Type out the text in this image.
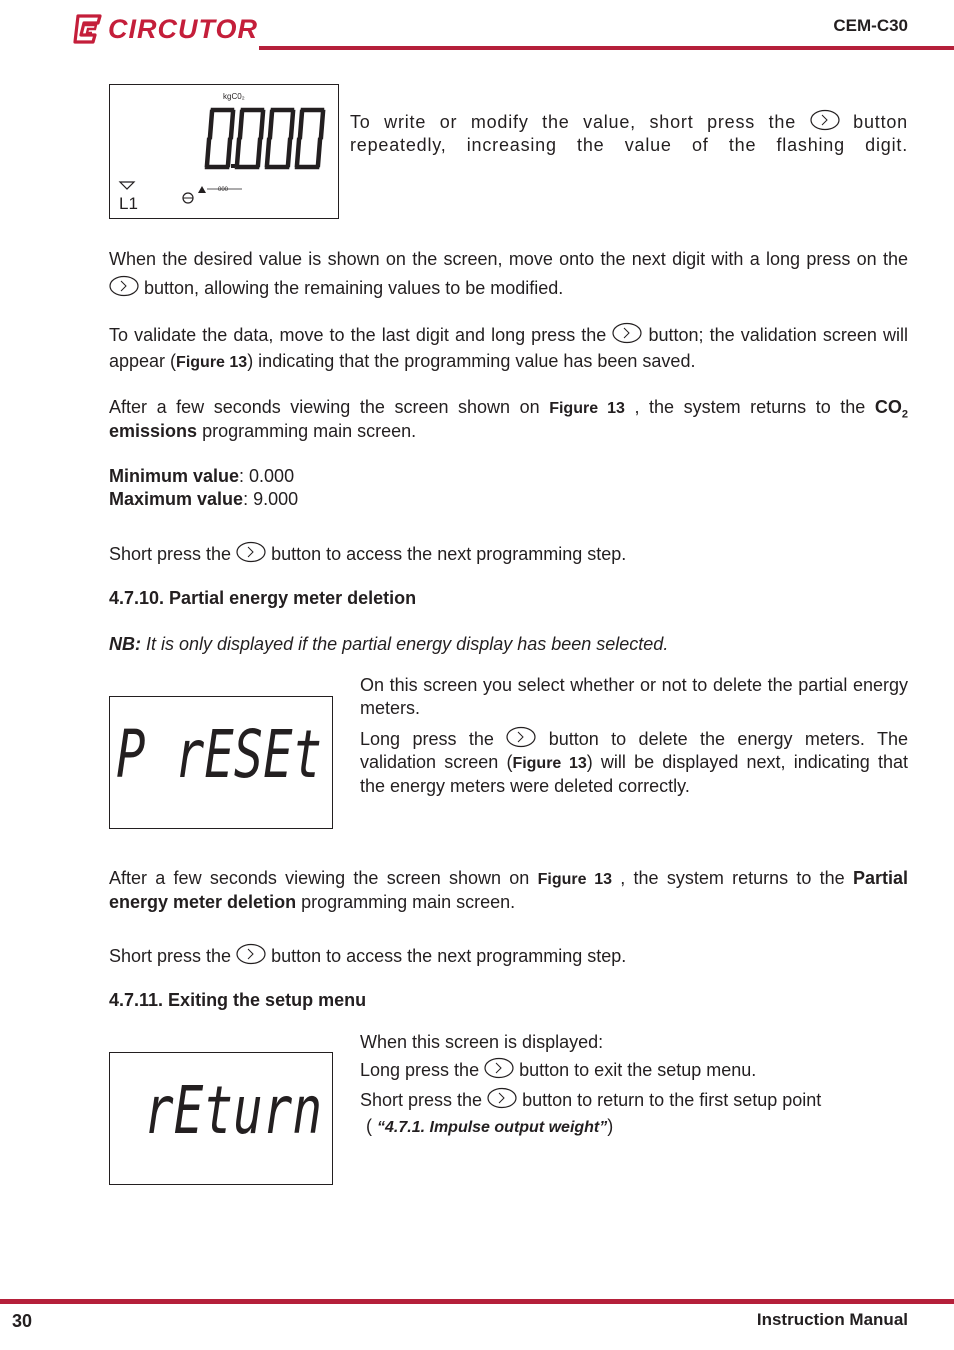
CIRCUTOR	CEM-C30
kgC0₂
L1
000

To write or modify the value, short press the	button repeatedly, increasing the value of the flashing digit.

When the desired value is shown on the screen, move onto the next digit with a long press on the button, allowing the remaining values to be modified.

To validate the data, move to the last digit and long press the button; the validation screen will appear (Figure 13) indicating that the programming value has been saved.

After a few seconds viewing the screen shown on Figure 13 , the system returns to the $CO_2$ emissions programming main screen.

Minimum value: 0.000

Maximum value: 9.000

Short press the button to access the next programming step.

4.7.10. Partial energy meter deletion

NB: It is only displayed if the partial energy display has been selected.

P rESEt

On this screen you select whether or not to delete the partial energy meters.

Long press the	button to delete the energy meters. The validation screen (Figure 13) will be displayed next, indicating that the energy meters were deleted correctly.

After a few seconds viewing the screen shown on Figure 13 , the system returns to the Partial energy meter deletion programming main screen.

Short press the button to access the next programming step.

4.7.11. Exiting the setup menu
rEturn

When this screen is displayed:

Long press the button to exit the setup menu.

Short press the button to return to the first setup point

( “4.7.1. Impulse output weight”)

30	Instruction Manual
